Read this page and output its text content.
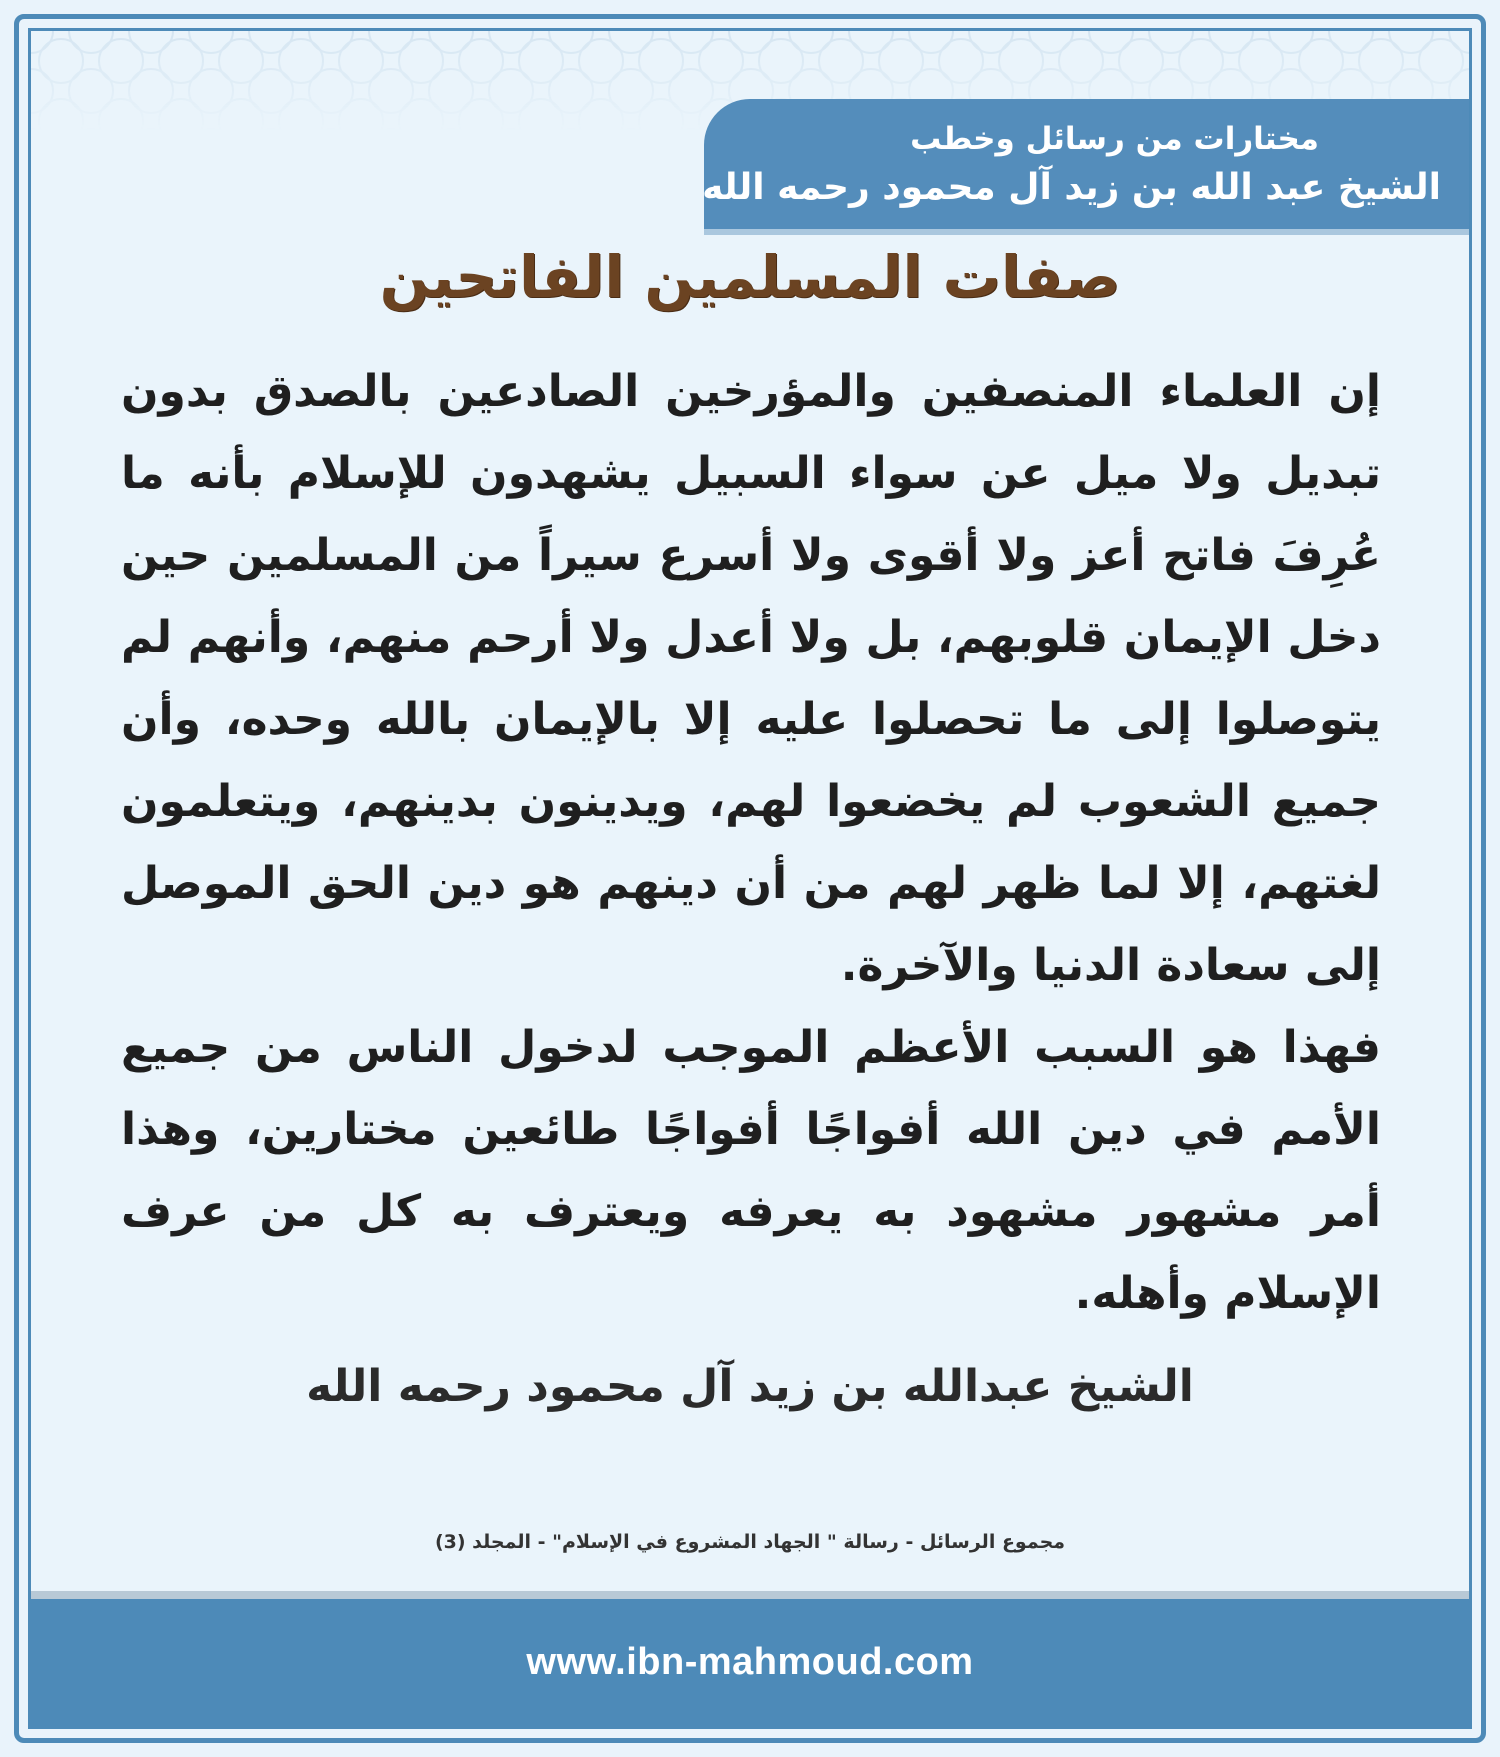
مختارات من رسائل وخطب
الشيخ عبد الله بن زيد آل محمود رحمه الله
صفات المسلمين الفاتحين

إن العلماء المنصفين والمؤرخين الصادعين بالصدق بدون تبديل ولا ميل عن سواء السبيل يشهدون للإسلام بأنه ما عُرِفَ فاتح أعز ولا أقوى ولا أسرع سيراً من المسلمين حين دخل الإيمان قلوبهم، بل ولا أعدل ولا أرحم منهم، وأنهم لم يتوصلوا إلى ما تحصلوا عليه إلا بالإيمان بالله وحده، وأن جميع الشعوب لم يخضعوا لهم، ويدينون بدينهم، ويتعلمون لغتهم، إلا لما ظهر لهم من أن دينهم هو دين الحق الموصل إلى سعادة الدنيا والآخرة.

فهذا هو السبب الأعظم الموجب لدخول الناس من جميع الأمم في دين الله أفواجًا أفواجًا طائعين مختارين، وهذا أمر مشهور مشهود به يعرفه ويعترف به كل من عرف الإسلام وأهله.

الشيخ عبدالله بن زيد آل محمود رحمه الله
مجموع الرسائل - رسالة " الجهاد المشروع في الإسلام" - المجلد (3)
www.ibn-mahmoud.com
